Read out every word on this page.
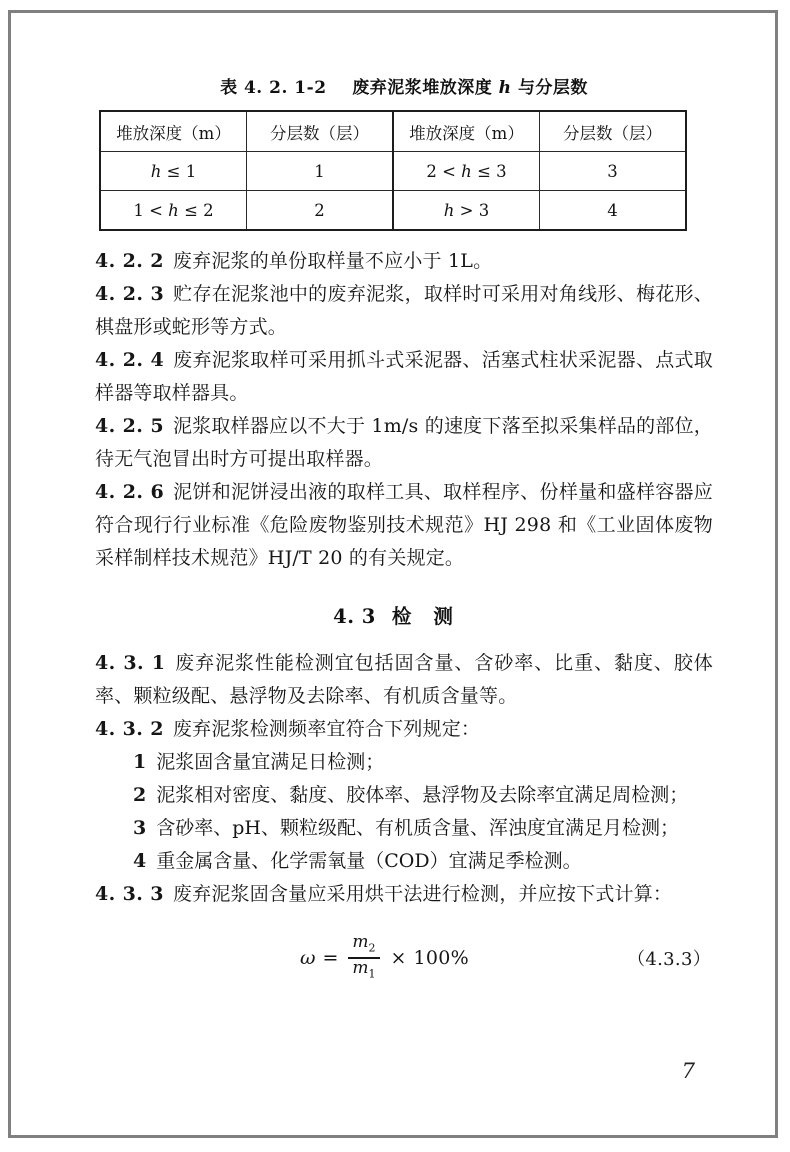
表 4. 2. 1-2 废弃泥浆堆放深度 h 与分层数
堆放深度（m）	分层数（层）	堆放深度（m）	分层数（层）
h ≤ 1	1	2 < h ≤ 3	3
1 < h ≤ 2	2	h > 3	4

4. 2. 2 废弃泥浆的单份取样量不应小于 1L。

4. 2. 3 贮存在泥浆池中的废弃泥浆，取样时可采用对角线形、梅花形、棋盘形或蛇形等方式。

4. 2. 4 废弃泥浆取样可采用抓斗式采泥器、活塞式柱状采泥器、点式取样器等取样器具。

4. 2. 5 泥浆取样器应以不大于 1m/s 的速度下落至拟采集样品的部位，待无气泡冒出时方可提出取样器。

4. 2. 6 泥饼和泥饼浸出液的取样工具、取样程序、份样量和盛样容器应符合现行行业标准《危险废物鉴别技术规范》HJ 298 和《工业固体废物采样制样技术规范》HJ/T 20 的有关规定。

4. 3 检测

4. 3. 1 废弃泥浆性能检测宜包括固含量、含砂率、比重、黏度、胶体率、颗粒级配、悬浮物及去除率、有机质含量等。

4. 3. 2 废弃泥浆检测频率宜符合下列规定：

1 泥浆固含量宜满足日检测；

2 泥浆相对密度、黏度、胶体率、悬浮物及去除率宜满足周检测；

3 含砂率、pH、颗粒级配、有机质含量、浑浊度宜满足月检测；

4 重金属含量、化学需氧量（COD）宜满足季检测。

4. 3. 3 废弃泥浆固含量应采用烘干法进行检测，并应按下式计算：

$\omega = \frac{m_2}{m_1} \times 100\%$	（4.3.3）
7
